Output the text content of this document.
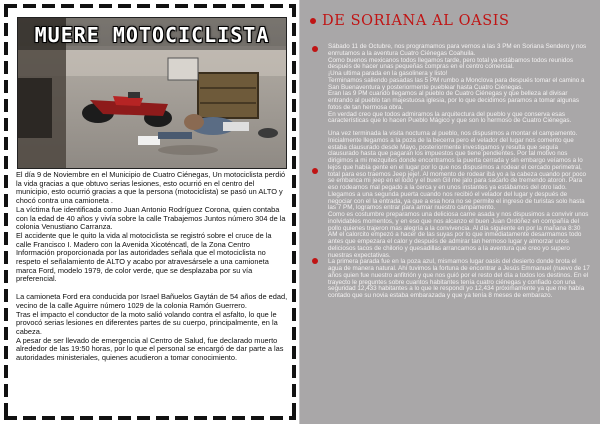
MUERE MOTOCICLISTA

El día 9 de Noviembre en el Municipio de Cuatro Ciénegas, Un motociclista perdió la vida gracias a que obtuvo serias lesiones, esto ocurrió en el centro del municipio, esto ocurrió gracias a que la persona (motociclista) se pasó un ALTO y chocó contra una camioneta .

La víctima fue identificada como Juan Antonio Rodríguez Corona, quien contaba con la edad de 40 años y vivía sobre la calle Trabajemos Juntos número 304 de la colonia Venustiano Carranza.

El accidente que le quito la vida al motociclista se registró sobre el cruce de la calle Francisco I. Madero con la Avenida Xicoténcatl, de la Zona Centro

Información proporcionada por las autoridades señala que el motociclista no respeto el señalamiento de ALTO y acabo por atravesársele a una camioneta marca Ford, modelo 1979, de color verde, que se desplazaba por su vía preferencial.

La camioneta Ford era conducida por Israel Bañuelos Gaytán de 54 años de edad, vecino de la calle Aguirre número 1029 de la colonia Ramón Guerrero.

Tras el impacto el conductor de la moto salió volando contra el asfalto, lo que le provocó serias lesiones en diferentes partes de su cuerpo, principalmente, en la cabeza.

A pesar de ser llevado de emergencia al Centro de Salud, fue declarado muerto alrededor de las 19:50 horas, por lo que el personal se encargó de dar parte a las autoridades ministeriales, quienes acudieron a tomar conocimiento.

DE SORIANA AL OASIS

Sábado 11 de Octubre, nos programamos para vernos a las 3 PM en Soriana Sendero y nos enrrutamos a la aventura Cuatro Ciénegas Coahuila.

Como buenos mexicanos todos llegamos tarde, pero total ya estábamos todos reunidos después de hacer unas pequeñas compras en el centro comercial.

¡Una ultima parada en la gasolinera y listo!

Terminamos saliendo pasadas las 5 PM rumbo a Monclova para después tomar el camino a San Buenaventura y posteriormente pueblear hasta Cuatro Ciénegas.

Eran las 9 PM cuando llegamos al pueblo de Cuatro Ciénegas y que belleza al divisar entrando al pueblo tan majestuosa iglesia, por lo que decidimos paramos a tomar algunas fotos de tan hermosa obra.

En verdad creo que todos admiramos la arquitectura del pueblo y que conserva esas características que lo hacen Pueblo Mágico y que son lo hermoso de Cuatro Ciénegas.

Una vez terminada la visita nocturna al pueblo, nos dispusimos a montar el campamento. Inicialmente llegamos a la poza de la becerra pero el velador del lugar nos comento que estaba clausurado desde Mayo, posteriormente investigamos y resulta que seguía clausurado hasta que pagaran los impuestos que tiene pendientes. Por tal motivo nos dirigimos a mi mezquites donde encontramos la puerta cerrada y sin embargo veíamos a lo lejos que había gente en el lugar por lo que nos dispusimos a rodear el cercado perimetral, total para eso traemos Jeep jeje!. Al momento de rodear ibá yo a la cabeza cuando por poco se embanca mi jeep en el lodo y el buen Gil me jalo para sacarlo de tremendo atoron. Para eso rodeamos mal pegado a la cerca y en unos instantes ya estábamos del otro lado.

Llegamos a una segunda puerta cuando nos recibió el velador del lugar y después de negociar con el la entrada, ya que a esa hora no se permite el ingreso de turistas solo hasta las 7 PM, logramos entrar para armar nuestro campamento.

Como es costumbre preparamos una deliciosa carne asada y nos dispusimos a convivir unos inolvidables momentos, y en eso que nos alcanzo el buen Juan Ordóñez en compañía del pollo quienes trajeron mas alegría a la convivencia. Al día siguiente en por la mañana 8:30 AM el calorcito empezó a hacer de las suyas por lo que inmediatamente desarmamos todo antes que empezara el calor y después de admirar tan hermoso lugar y almorzar unos deliciosos tacos de chilorio y quesadillas arrancamos a la aventura que creo yo supero nuestras expectativas.

La primera parada fue en la poza azul, mismamos lugar oasis del desierto donde brota el agua de manera natural. Ahí tuvimos la fortuna de encontrar a Jesús Emmanuel (nuevo de 17 años quien fue nuestro anfitrión y que nos guió por el resto del día a todos los destinos. En el trayecto le preguntes sobre cuantos habitantes tenía cuatro ciénegas y confiado con una seguridad 12,433 habitantes a lo que le respondí yo 12,434 próximamente ya que me había contado que su novia estaba embarazada y que ya tenía 8 meses de embarazo.
